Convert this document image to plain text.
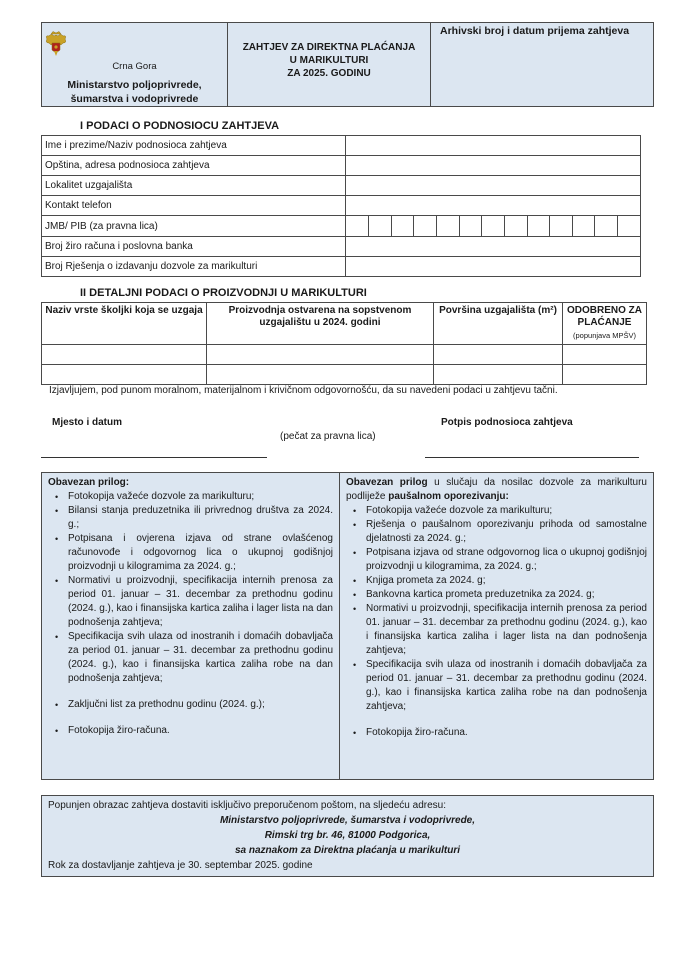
Crna Gora
Ministarstvo poljoprivrede,
šumarstva i vodoprivrede

ZAHTJEV ZA DIREKTNA PLAĆANJA
U MARIKULTURI
ZA 2025. GODINU

Arhivski broj i datum prijema zahtjeva
I PODACI O PODNOSIOCU ZAHTJEVA
Ime i prezime/Naziv podnosioca zahtjeva	
Opština, adresa podnosioca zahtjeva	
Lokalitet uzgajališta	
Kontakt telefon	
JMB/ PIB (za pravna lica)	

Broj žiro računa i poslovna banka	
Broj Rješenja o izdavanju dozvole za marikulturi	
II DETALJNI PODACI O PROIZVODNJI U MARIKULTURI
Naziv vrste školjki koja se uzgaja	Proizvodnja ostvarena na sopstvenom uzgajalištu u 2024. godini	Površina uzgajališta (m²)	ODOBRENO ZA PLAĆANJE
(popunjava MPŠV)

Izjavljujem, pod punom moralnom, materijalnom i krivičnom odgovornošću, da su navedeni podaci u zahtjevu tačni.
Mjesto i datum	Potpis podnosioca zahtjeva
(pečat za pravna lica)
Obavezan prilog:
• Fotokopija važeće dozvole za marikulturu;
• Bilansi stanja preduzetnika ili privrednog društva za 2024. g.;
• Potpisana i ovjerena izjava od strane ovlašćenog računovođe i odgovornog lica o ukupnoj godišnjoj proizvodnji u kilogramima za 2024. g.;
• Normativi u proizvodnji, specifikacija internih prenosa za period 01. januar – 31. decembar za prethodnu godinu (2024. g.), kao i finansijska kartica zaliha i lager lista na dan podnošenja zahtjeva;
• Specifikacija svih ulaza od inostranih i domaćih dobavljača za period 01. januar – 31. decembar za prethodnu godinu (2024. g.), kao i finansijska kartica zaliha robe na dan podnošenja zahtjeva;
• Zaključni list za prethodnu godinu (2024. g.);
• Fotokopija žiro-računa.

Obavezan prilog u slučaju da nosilac dozvole za marikulturu podliježe paušalnom oporezivanju:
• Fotokopija važeće dozvole za marikulturu;
• Rješenja o paušalnom oporezivanju prihoda od samostalne djelatnosti za 2024. g.;
• Potpisana izjava od strane odgovornog lica o ukupnoj godišnjoj proizvodnji u kilogramima, za 2024. g.;
• Knjiga prometa za 2024. g;
• Bankovna kartica prometa preduzetnika za 2024. g;
• Normativi u proizvodnji, specifikacija internih prenosa za period 01. januar – 31. decembar za prethodnu godinu (2024. g.), kao i finansijska kartica zaliha i lager lista na dan podnošenja zahtjeva;
• Specifikacija svih ulaza od inostranih i domaćih dobavljača za period 01. januar – 31. decembar za prethodnu godinu (2024. g.), kao i finansijska kartica zaliha robe na dan podnošenja zahtjeva;
• Fotokopija žiro-računa.
Popunjen obrazac zahtjeva dostaviti isključivo preporučenom poštom, na sljedeću adresu:
Ministarstvo poljoprivrede, šumarstva i vodoprivrede,
Rimski trg br. 46, 81000 Podgorica,
sa naznakom za Direktna plaćanja u marikulturi
Rok za dostavljanje zahtjeva je 30. septembar 2025. godine
